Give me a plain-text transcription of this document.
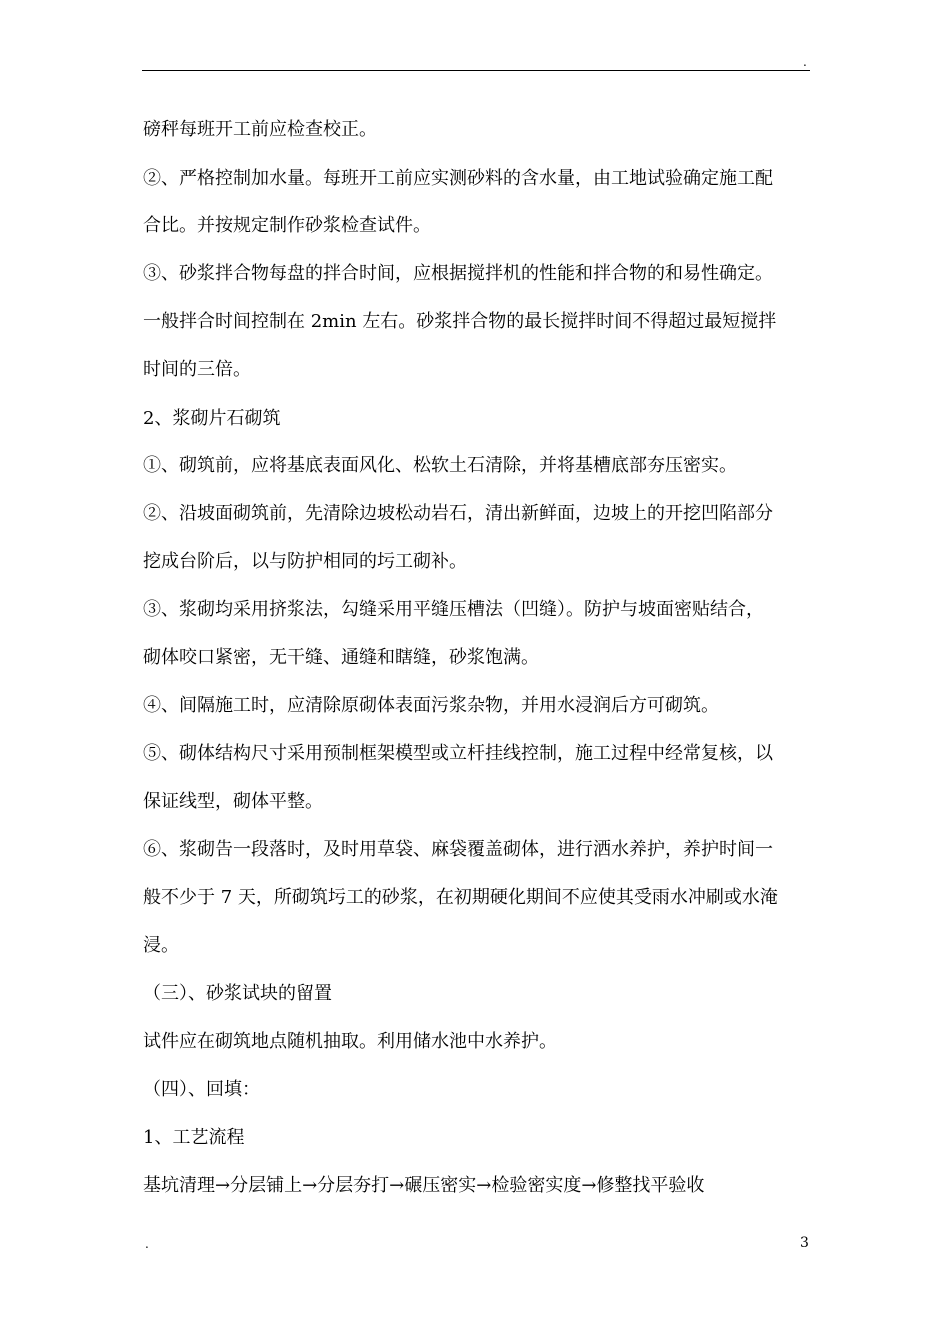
.
磅秤每班开工前应检查校正。
②、严格控制加水量。每班开工前应实测砂料的含水量，由工地试验确定施工配
合比。并按规定制作砂浆检查试件。
③、砂浆拌合物每盘的拌合时间，应根据搅拌机的性能和拌合物的和易性确定。
一般拌合时间控制在 2min 左右。砂浆拌合物的最长搅拌时间不得超过最短搅拌
时间的三倍。
2、浆砌片石砌筑
①、砌筑前，应将基底表面风化、松软土石清除，并将基槽底部夯压密实。
②、沿坡面砌筑前，先清除边坡松动岩石，清出新鲜面，边坡上的开挖凹陷部分
挖成台阶后，以与防护相同的圬工砌补。
③、浆砌均采用挤浆法，勾缝采用平缝压槽法（凹缝）。防护与坡面密贴结合，
砌体咬口紧密，无干缝、通缝和瞎缝，砂浆饱满。
④、间隔施工时，应清除原砌体表面污浆杂物，并用水浸润后方可砌筑。
⑤、砌体结构尺寸采用预制框架模型或立杆挂线控制，施工过程中经常复核，以
保证线型，砌体平整。
⑥、浆砌告一段落时，及时用草袋、麻袋覆盖砌体，进行洒水养护，养护时间一
般不少于 7 天，所砌筑圬工的砂浆，在初期硬化期间不应使其受雨水冲刷或水淹
浸。
（三）、砂浆试块的留置
试件应在砌筑地点随机抽取。利用储水池中水养护。
（四）、回填：
1、工艺流程
基坑清理→分层铺上→分层夯打→碾压密实→检验密实度→修整找平验收
.	3
